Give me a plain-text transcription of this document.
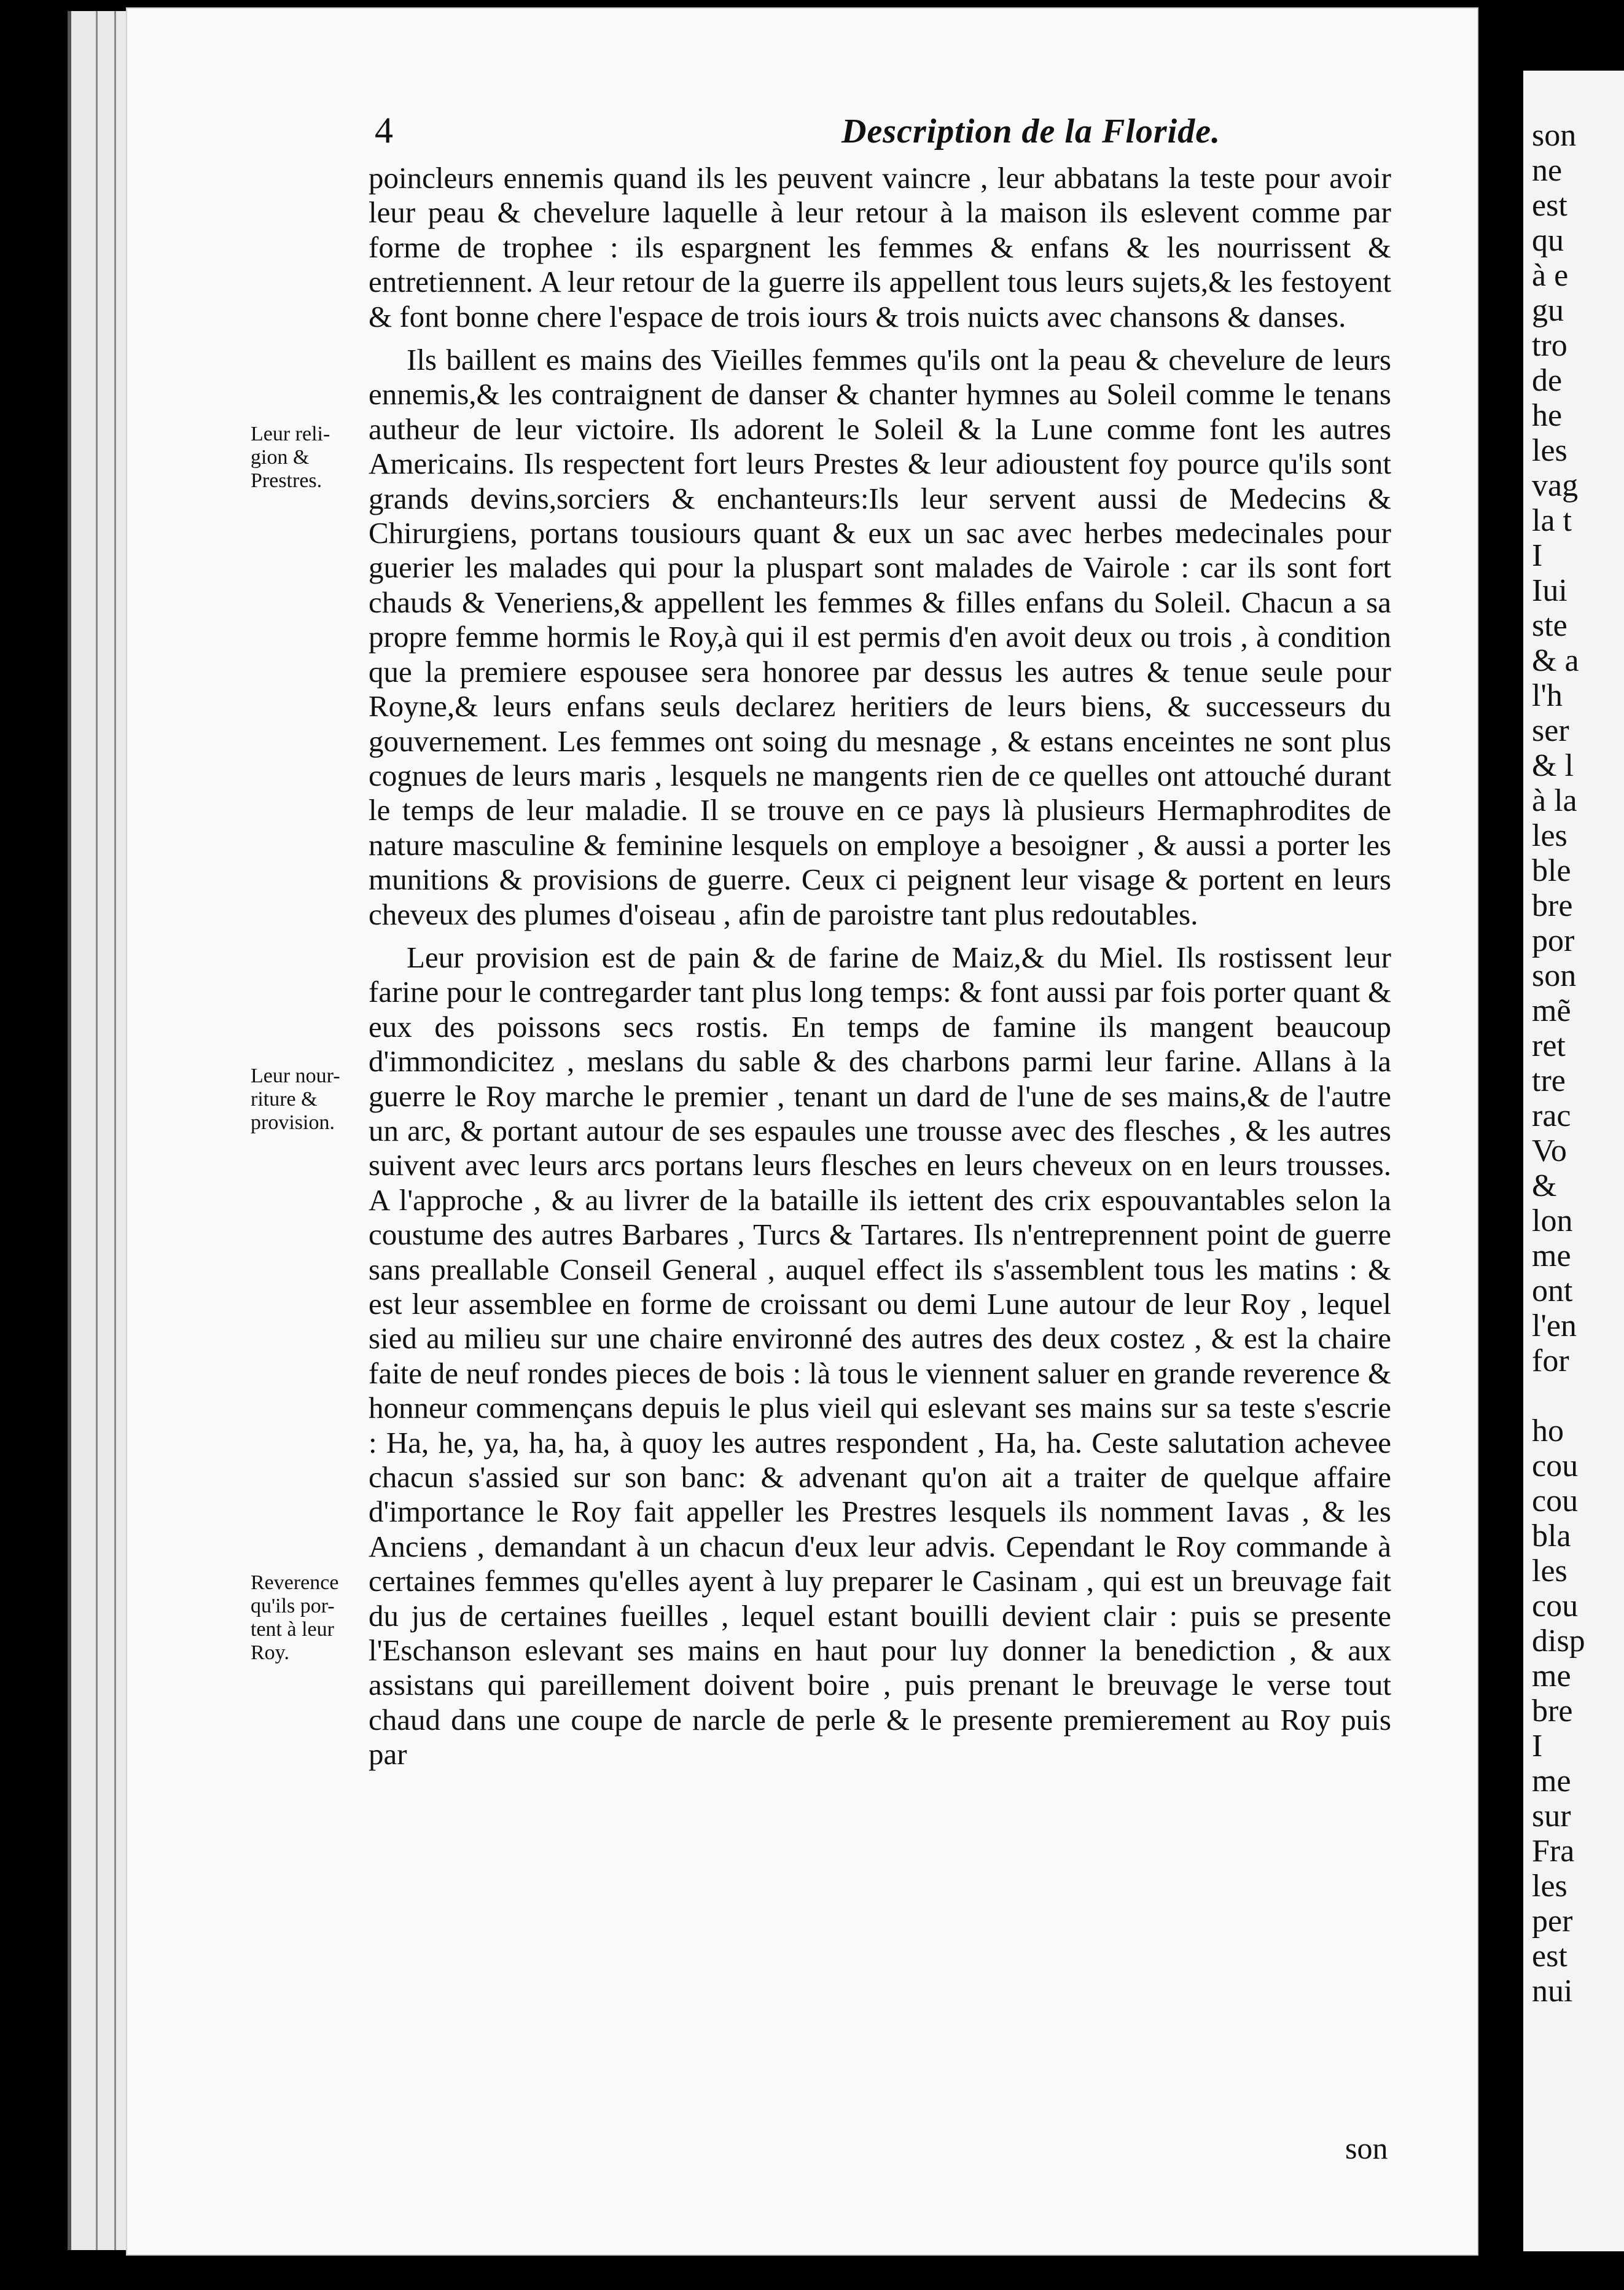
son
ne
est
qu
à e
gu
tro
de
he
les
vag
la t
I
Iui
ste
& a
l'h
ser
& l
à la
les
ble
bre
por
son
mẽ
ret
tre
rac
Vo
&
lon
me
ont
l'en
for
ho
cou
cou
bla
les
cou
disp
me
bre
I
me
sur
Fra
les
per
est
nui
4	Description de la Floride.
Leur reli- gion & Prestres.
Leur nour- riture & provision.
Reverence qu'ils por- tent à leur Roy.

poincleurs ennemis quand ils les peuvent vaincre , leur abbatans la teste pour avoir leur peau & chevelure laquelle à leur retour à la maison ils eslevent comme par forme de trophee : ils espargnent les femmes & enfans & les nourrissent & entretiennent. A leur retour de la guerre ils appellent tous leurs sujets,& les festoyent & font bonne chere l'espace de trois iours & trois nuicts avec chansons & danses.

Ils baillent es mains des Vieilles femmes qu'ils ont la peau & chevelure de leurs ennemis,& les contraignent de danser & chanter hymnes au Soleil comme le tenans autheur de leur victoire. Ils adorent le Soleil & la Lune comme font les autres Americains. Ils respectent fort leurs Prestes & leur adioustent foy pource qu'ils sont grands devins,sorciers & enchanteurs:Ils leur servent aussi de Medecins & Chirurgiens, portans tousiours quant & eux un sac avec herbes medecinales pour guerier les malades qui pour la pluspart sont malades de Vairole : car ils sont fort chauds & Veneriens,& appellent les femmes & filles enfans du Soleil. Chacun a sa propre femme hormis le Roy,à qui il est permis d'en avoit deux ou trois , à condition que la premiere espousee sera honoree par dessus les autres & tenue seule pour Royne,& leurs enfans seuls declarez heritiers de leurs biens, & successeurs du gouvernement. Les femmes ont soing du mesnage , & estans enceintes ne sont plus cognues de leurs maris , lesquels ne mangents rien de ce quelles ont attouché durant le temps de leur maladie. Il se trouve en ce pays là plusieurs Hermaphrodites de nature masculine & feminine lesquels on employe a besoigner , & aussi a porter les munitions & provisions de guerre. Ceux ci peignent leur visage & portent en leurs cheveux des plumes d'oiseau , afin de paroistre tant plus redoutables.

Leur provision est de pain & de farine de Maiz,& du Miel. Ils rostissent leur farine pour le contregarder tant plus long temps: & font aussi par fois porter quant & eux des poissons secs rostis. En temps de famine ils mangent beaucoup d'immondicitez , meslans du sable & des charbons parmi leur farine. Allans à la guerre le Roy marche le premier , tenant un dard de l'une de ses mains,& de l'autre un arc, & portant autour de ses espaules une trousse avec des flesches , & les autres suivent avec leurs arcs portans leurs flesches en leurs cheveux on en leurs trousses. A l'approche , & au livrer de la bataille ils iettent des crix espouvantables selon la coustume des autres Barbares , Turcs & Tartares. Ils n'entreprennent point de guerre sans preallable Conseil General , auquel effect ils s'assemblent tous les matins : & est leur assemblee en forme de croissant ou demi Lune autour de leur Roy , lequel sied au milieu sur une chaire environné des autres des deux costez , & est la chaire faite de neuf rondes pieces de bois : là tous le viennent saluer en grande reverence & honneur commençans depuis le plus vieil qui eslevant ses mains sur sa teste s'escrie : Ha, he, ya, ha, ha, à quoy les autres respondent , Ha, ha. Ceste salutation achevee chacun s'assied sur son banc: & advenant qu'on ait a traiter de quelque affaire d'importance le Roy fait appeller les Prestres lesquels ils nomment Iavas , & les Anciens , demandant à un chacun d'eux leur advis. Cependant le Roy commande à certaines femmes qu'elles ayent à luy preparer le Casinam , qui est un breuvage fait du jus de certaines fueilles , lequel estant bouilli devient clair : puis se presente l'Eschanson eslevant ses mains en haut pour luy donner la benediction , & aux assistans qui pareillement doivent boire , puis prenant le breuvage le verse tout chaud dans une coupe de narcle de perle & le presente premierement au Roy puis par

son
